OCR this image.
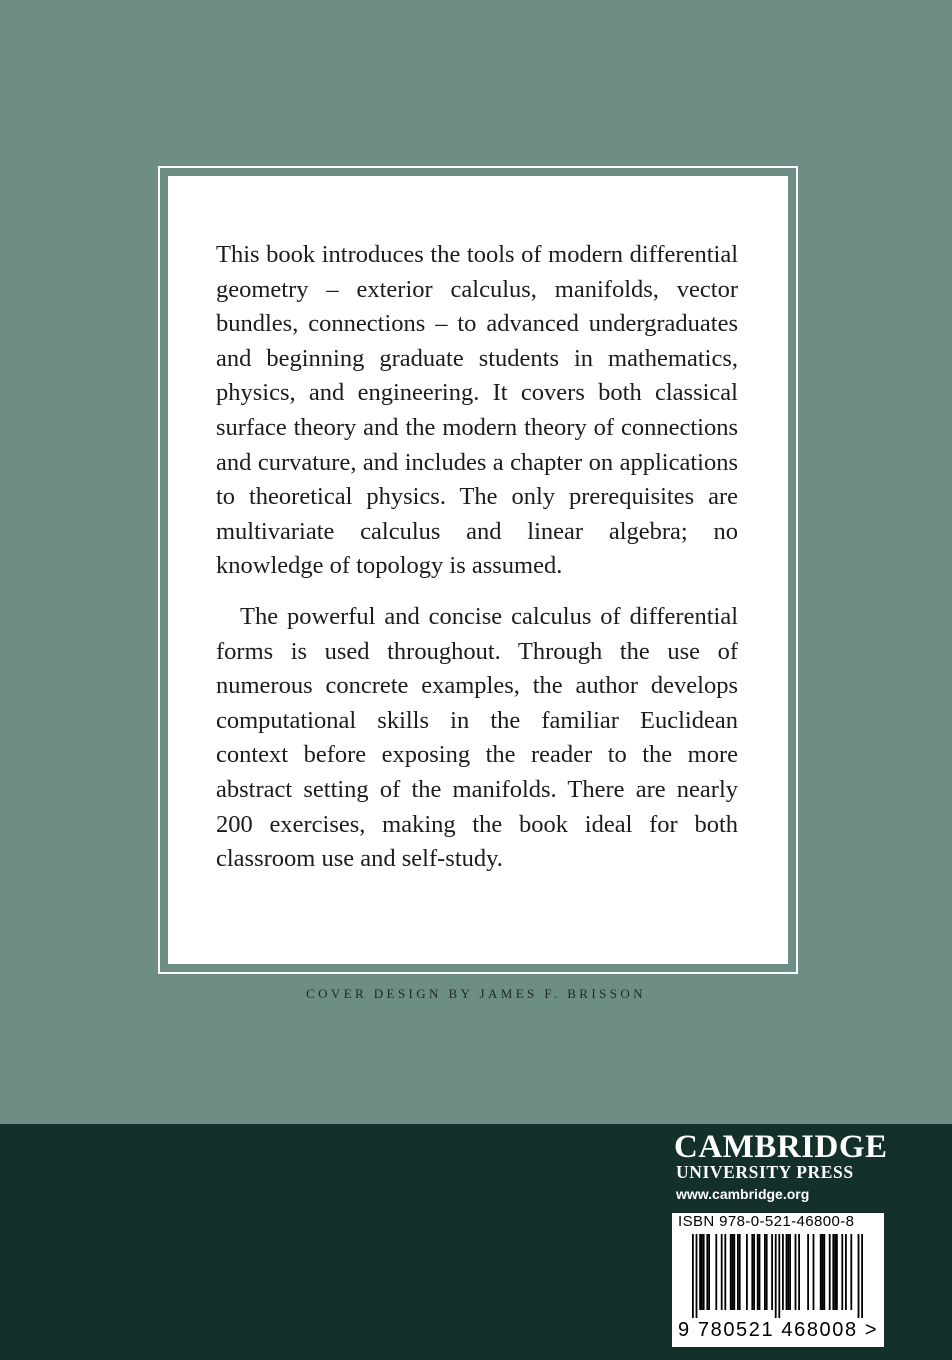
This book introduces the tools of modern differential geometry – exterior calculus, manifolds, vector bundles, connections – to advanced undergraduates and beginning graduate students in mathematics, physics, and engineering. It covers both classical surface theory and the modern theory of connections and curvature, and includes a chapter on applications to theoretical physics. The only prerequisites are multivariate calculus and linear algebra; no knowledge of topology is assumed.

The powerful and concise calculus of differential forms is used throughout. Through the use of numerous concrete examples, the author develops computational skills in the familiar Euclidean context before exposing the reader to the more abstract setting of the manifolds. There are nearly 200 exercises, making the book ideal for both classroom use and self-study.

COVER DESIGN BY JAMES F. BRISSON
CAMBRIDGE
UNIVERSITY PRESS
www.cambridge.org
ISBN 978-0-521-46800-8
9 780521 468008 >
